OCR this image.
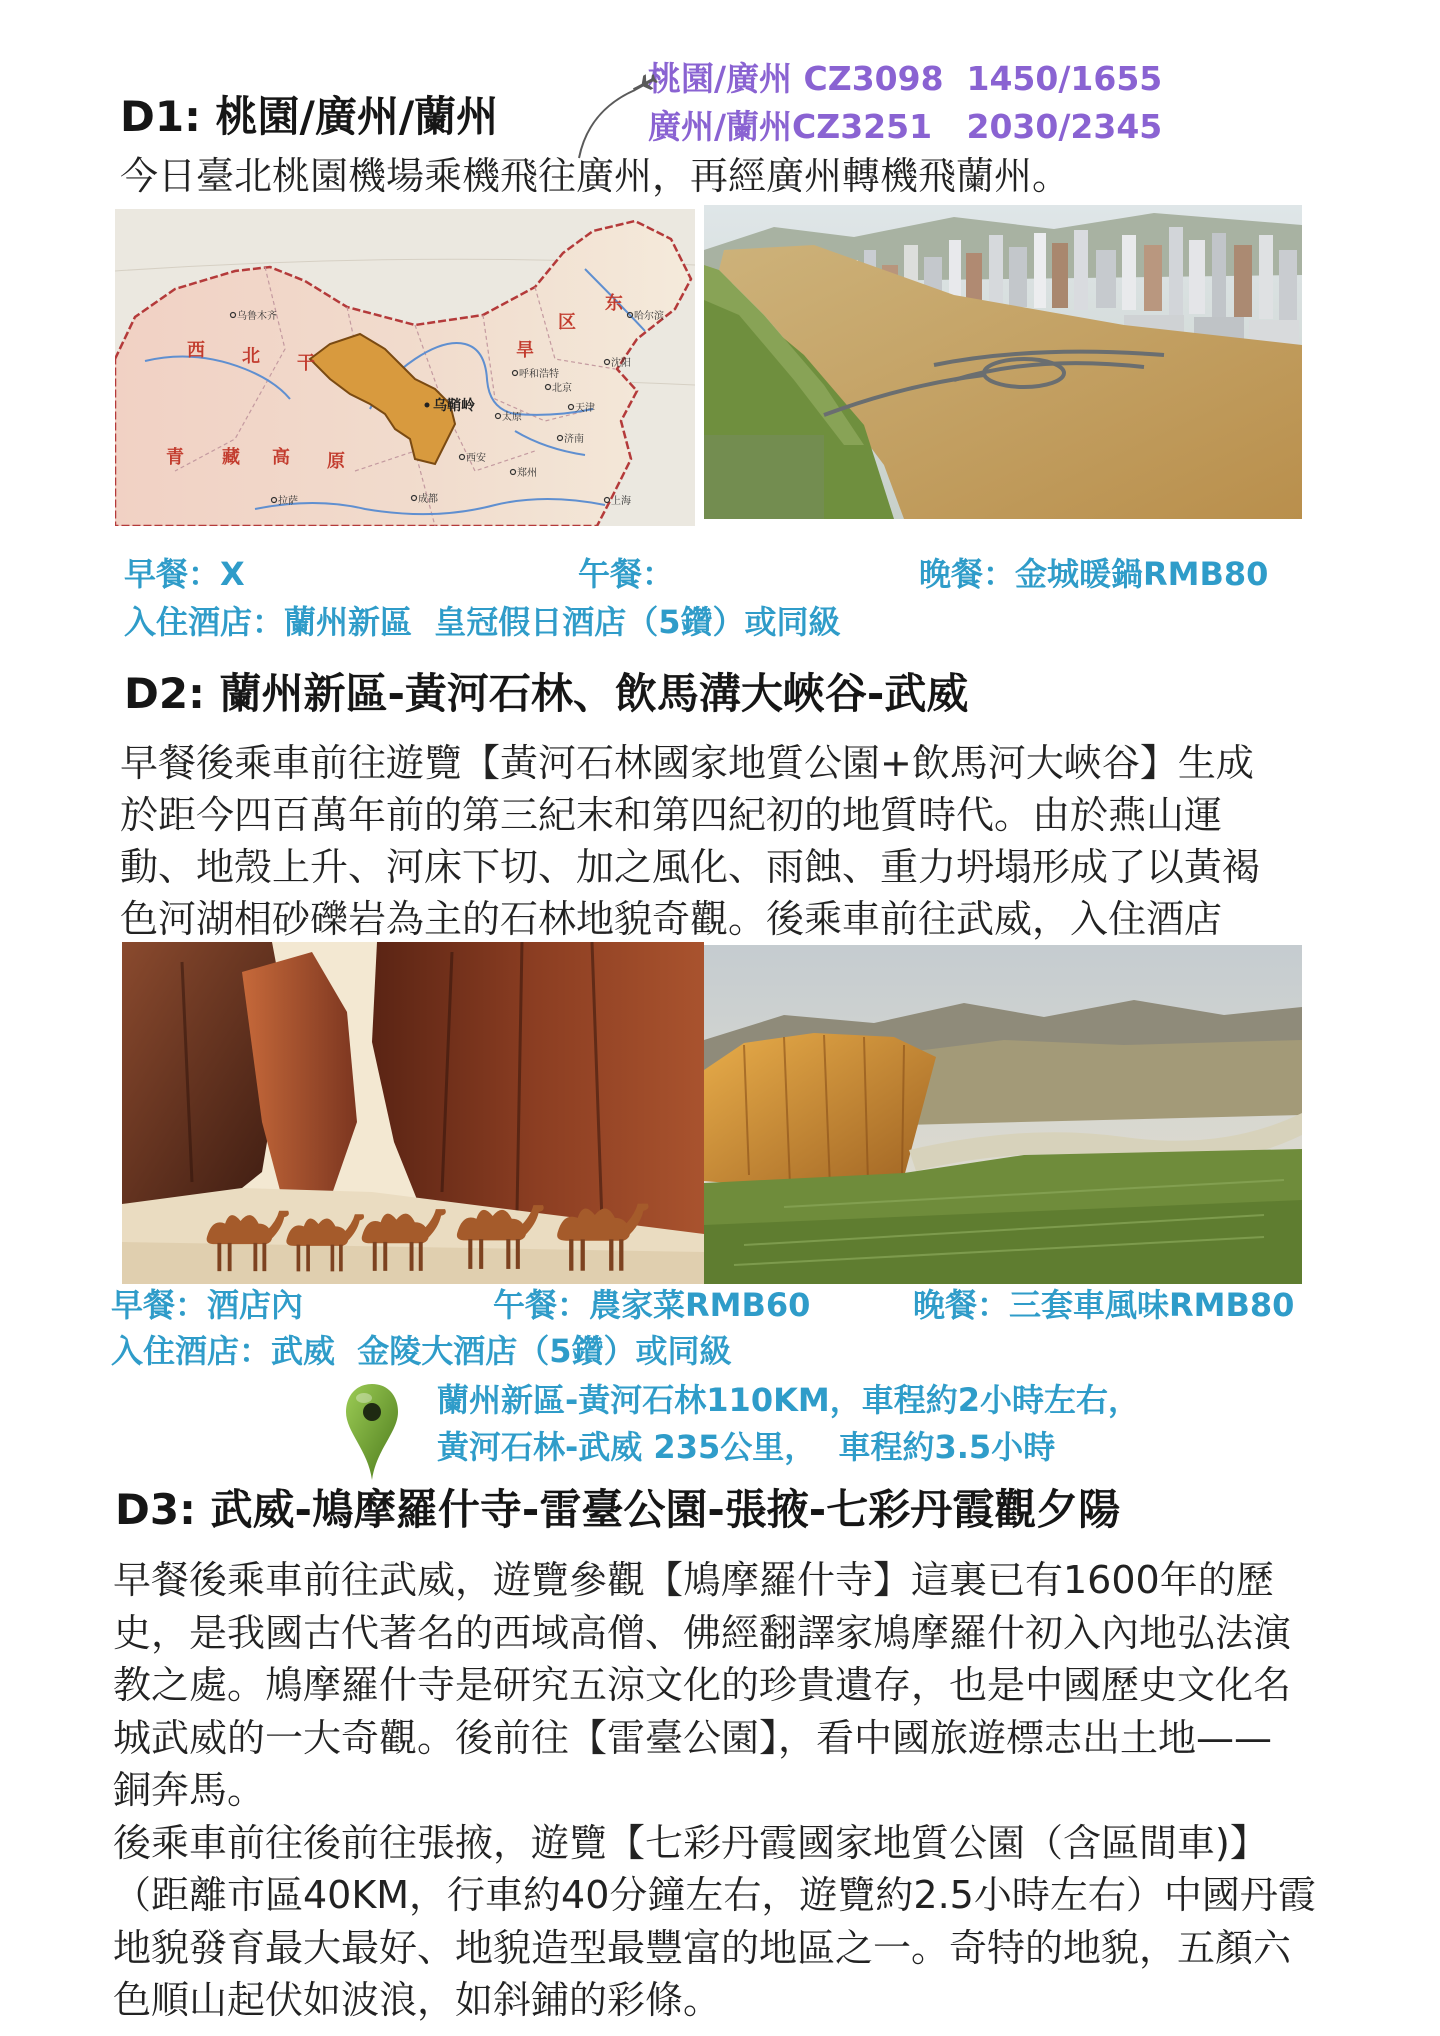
桃園/廣州 CZ3098  1450/1655
廣州/蘭州CZ3251   2030/2345
D1: 桃園/廣州/蘭州
今日臺北桃園機場乘機飛往廣州，再經廣州轉機飛蘭州。
西 北 干
旱
区
东
青 藏 高 原
乌鲁木齐	哈尔滨
沈阳
呼和浩特
北京
天津
太原
济南
西安
郑州
成都
拉萨	上海
乌鞘岭
早餐：X	午餐：	晚餐：金城暖鍋RMB80
入住酒店：蘭州新區  皇冠假日酒店（5鑽）或同級
D2: 蘭州新區-黃河石林、飲馬溝大峽谷-武威
早餐後乘車前往遊覽【黃河石林國家地質公園+飲馬河大峽谷】生成
於距今四百萬年前的第三紀末和第四紀初的地質時代。由於燕山運
動、地殼上升、河床下切、加之風化、雨蝕、重力坍塌形成了以黃褐
色河湖相砂礫岩為主的石林地貌奇觀。後乘車前往武威，入住酒店
早餐：酒店內	午餐：農家菜RMB60	晚餐：三套車風味RMB80
入住酒店：武威  金陵大酒店（5鑽）或同級
蘭州新區-黃河石林110KM，車程約2小時左右，
黃河石林-武威 235公里，  車程約3.5小時
D3: 武威-鳩摩羅什寺-雷臺公園-張掖-七彩丹霞觀夕陽
早餐後乘車前往武威，遊覽參觀【鳩摩羅什寺】這裏已有1600年的歷
史，是我國古代著名的西域高僧、佛經翻譯家鳩摩羅什初入內地弘法演
教之處。鳩摩羅什寺是研究五涼文化的珍貴遺存，也是中國歷史文化名
城武威的一大奇觀。後前往【雷臺公園】，看中國旅遊標志出土地——
銅奔馬。
後乘車前往後前往張掖，遊覽【七彩丹霞國家地質公園（含區間車)】
（距離市區40KM，行車約40分鐘左右，遊覽約2.5小時左右）中國丹霞
地貌發育最大最好、地貌造型最豐富的地區之一。奇特的地貌，五顏六
色順山起伏如波浪，如斜鋪的彩條。
